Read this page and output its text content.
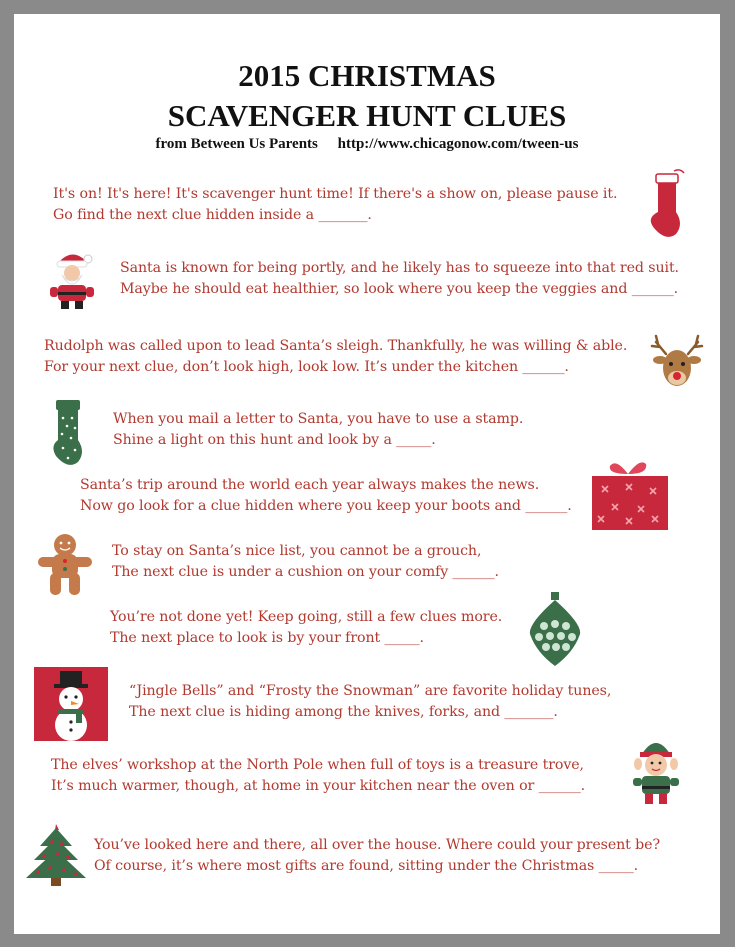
2015 CHRISTMAS
SCAVENGER HUNT CLUES
from Between Us Parents http://www.chicagonow.com/tween-us
It's on! It's here! It's scavenger hunt time! If there's a show on, please pause it.
Go find the next clue hidden inside a _______.
Santa is known for being portly, and he likely has to squeeze into that red suit.
Maybe he should eat healthier, so look where you keep the veggies and ______.
Rudolph was called upon to lead Santa’s sleigh. Thankfully, he was willing & able.
For your next clue, don’t look high, look low. It’s under the kitchen ______.
When you mail a letter to Santa, you have to use a stamp.
Shine a light on this hunt and look by a _____.
Santa’s trip around the world each year always makes the news.
Now go look for a clue hidden where you keep your boots and ______.
To stay on Santa’s nice list, you cannot be a grouch,
The next clue is under a cushion on your comfy ______.
You’re not done yet! Keep going, still a few clues more.
The next place to look is by your front _____.
“Jingle Bells” and “Frosty the Snowman” are favorite holiday tunes,
The next clue is hiding among the knives, forks, and _______.
The elves’ workshop at the North Pole when full of toys is a treasure trove,
It’s much warmer, though, at home in your kitchen near the oven or ______.
You’ve looked here and there, all over the house. Where could your present be?
Of course, it’s where most gifts are found, sitting under the Christmas _____.
